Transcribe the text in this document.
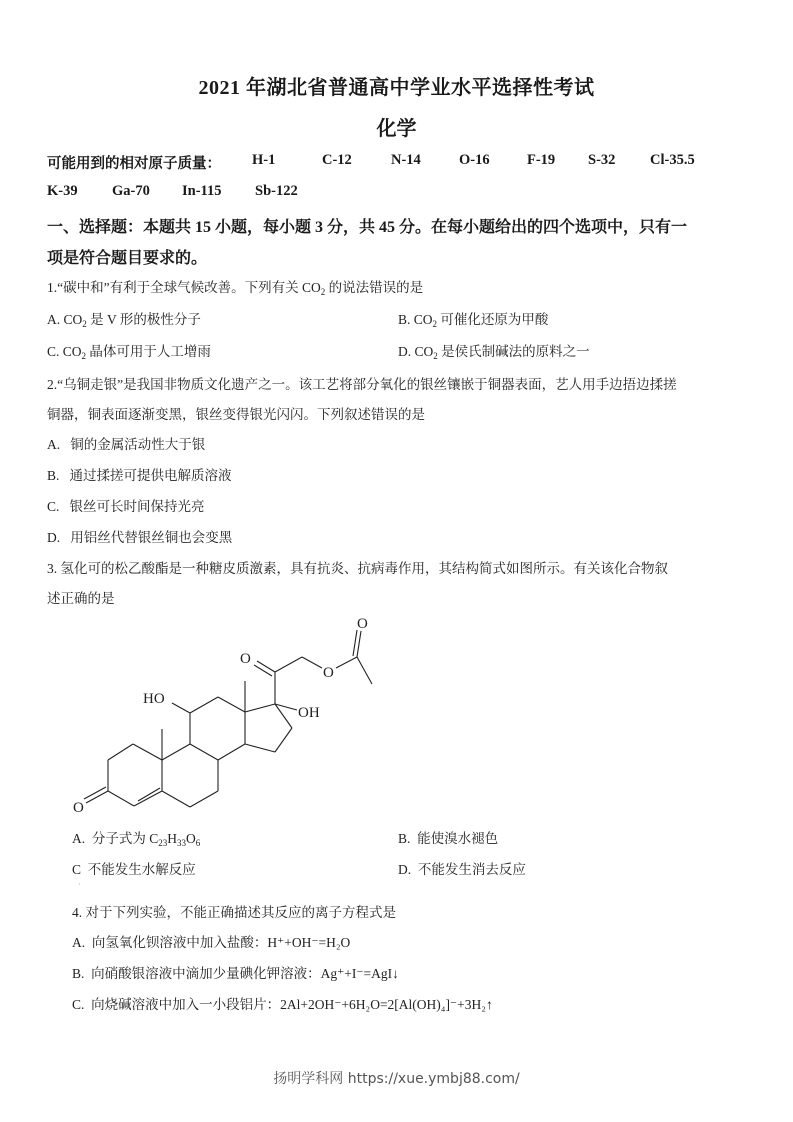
2021 年湖北省普通高中学业水平选择性考试
化学
可能用到的相对原子质量： H-1	C-12	N-14	O-16	F-19 S-32 Cl-35.5
K-39 Ga-70 In-115 Sb-122
一、选择题：本题共 15 小题，每小题 3 分，共 45 分。在每小题给出的四个选项中，只有一
项是符合题目要求的。
1.“碳中和”有利于全球气候改善。下列有关 $CO_2$ 的说法错误的是
A. $CO_2$ 是 V 形的极性分子	B. $CO_2$ 可催化还原为甲酸
C. $CO_2$ 晶体可用于人工增雨	D. $CO_2$ 是侯氏制碱法的原料之一
2.“乌铜走银”是我国非物质文化遗产之一。该工艺将部分氧化的银丝镶嵌于铜器表面，艺人用手边捂边揉搓
铜器，铜表面逐渐变黑，银丝变得银光闪闪。下列叙述错误的是
A. 铜的金属活动性大于银
B. 通过揉搓可提供电解质溶液
C. 银丝可长时间保持光亮
D. 用铝丝代替银丝铜也会变黑
3. 氢化可的松乙酸酯是一种糖皮质激素，具有抗炎、抗病毒作用，其结构简式如图所示。有关该化合物叙
述正确的是
O
HO
OH
O
O
O
A. 分子式为 $C_{23}H_{33}O_6$	B. 能使溴水褪色
C 不能发生水解反应	D. 不能发生消去反应
·
4. 对于下列实验，不能正确描述其反应的离子方程式是
A. 向氢氧化钡溶液中加入盐酸：H⁺+OH⁻=H₂O
B. 向硝酸银溶液中滴加少量碘化钾溶液：Ag⁺+I⁻=AgI↓
C. 向烧碱溶液中加入一小段铝片：2Al+2OH⁻+6H₂O=2[Al(OH)₄]⁻+3H₂↑
扬明学科网 https://xue.ymbj88.com/
